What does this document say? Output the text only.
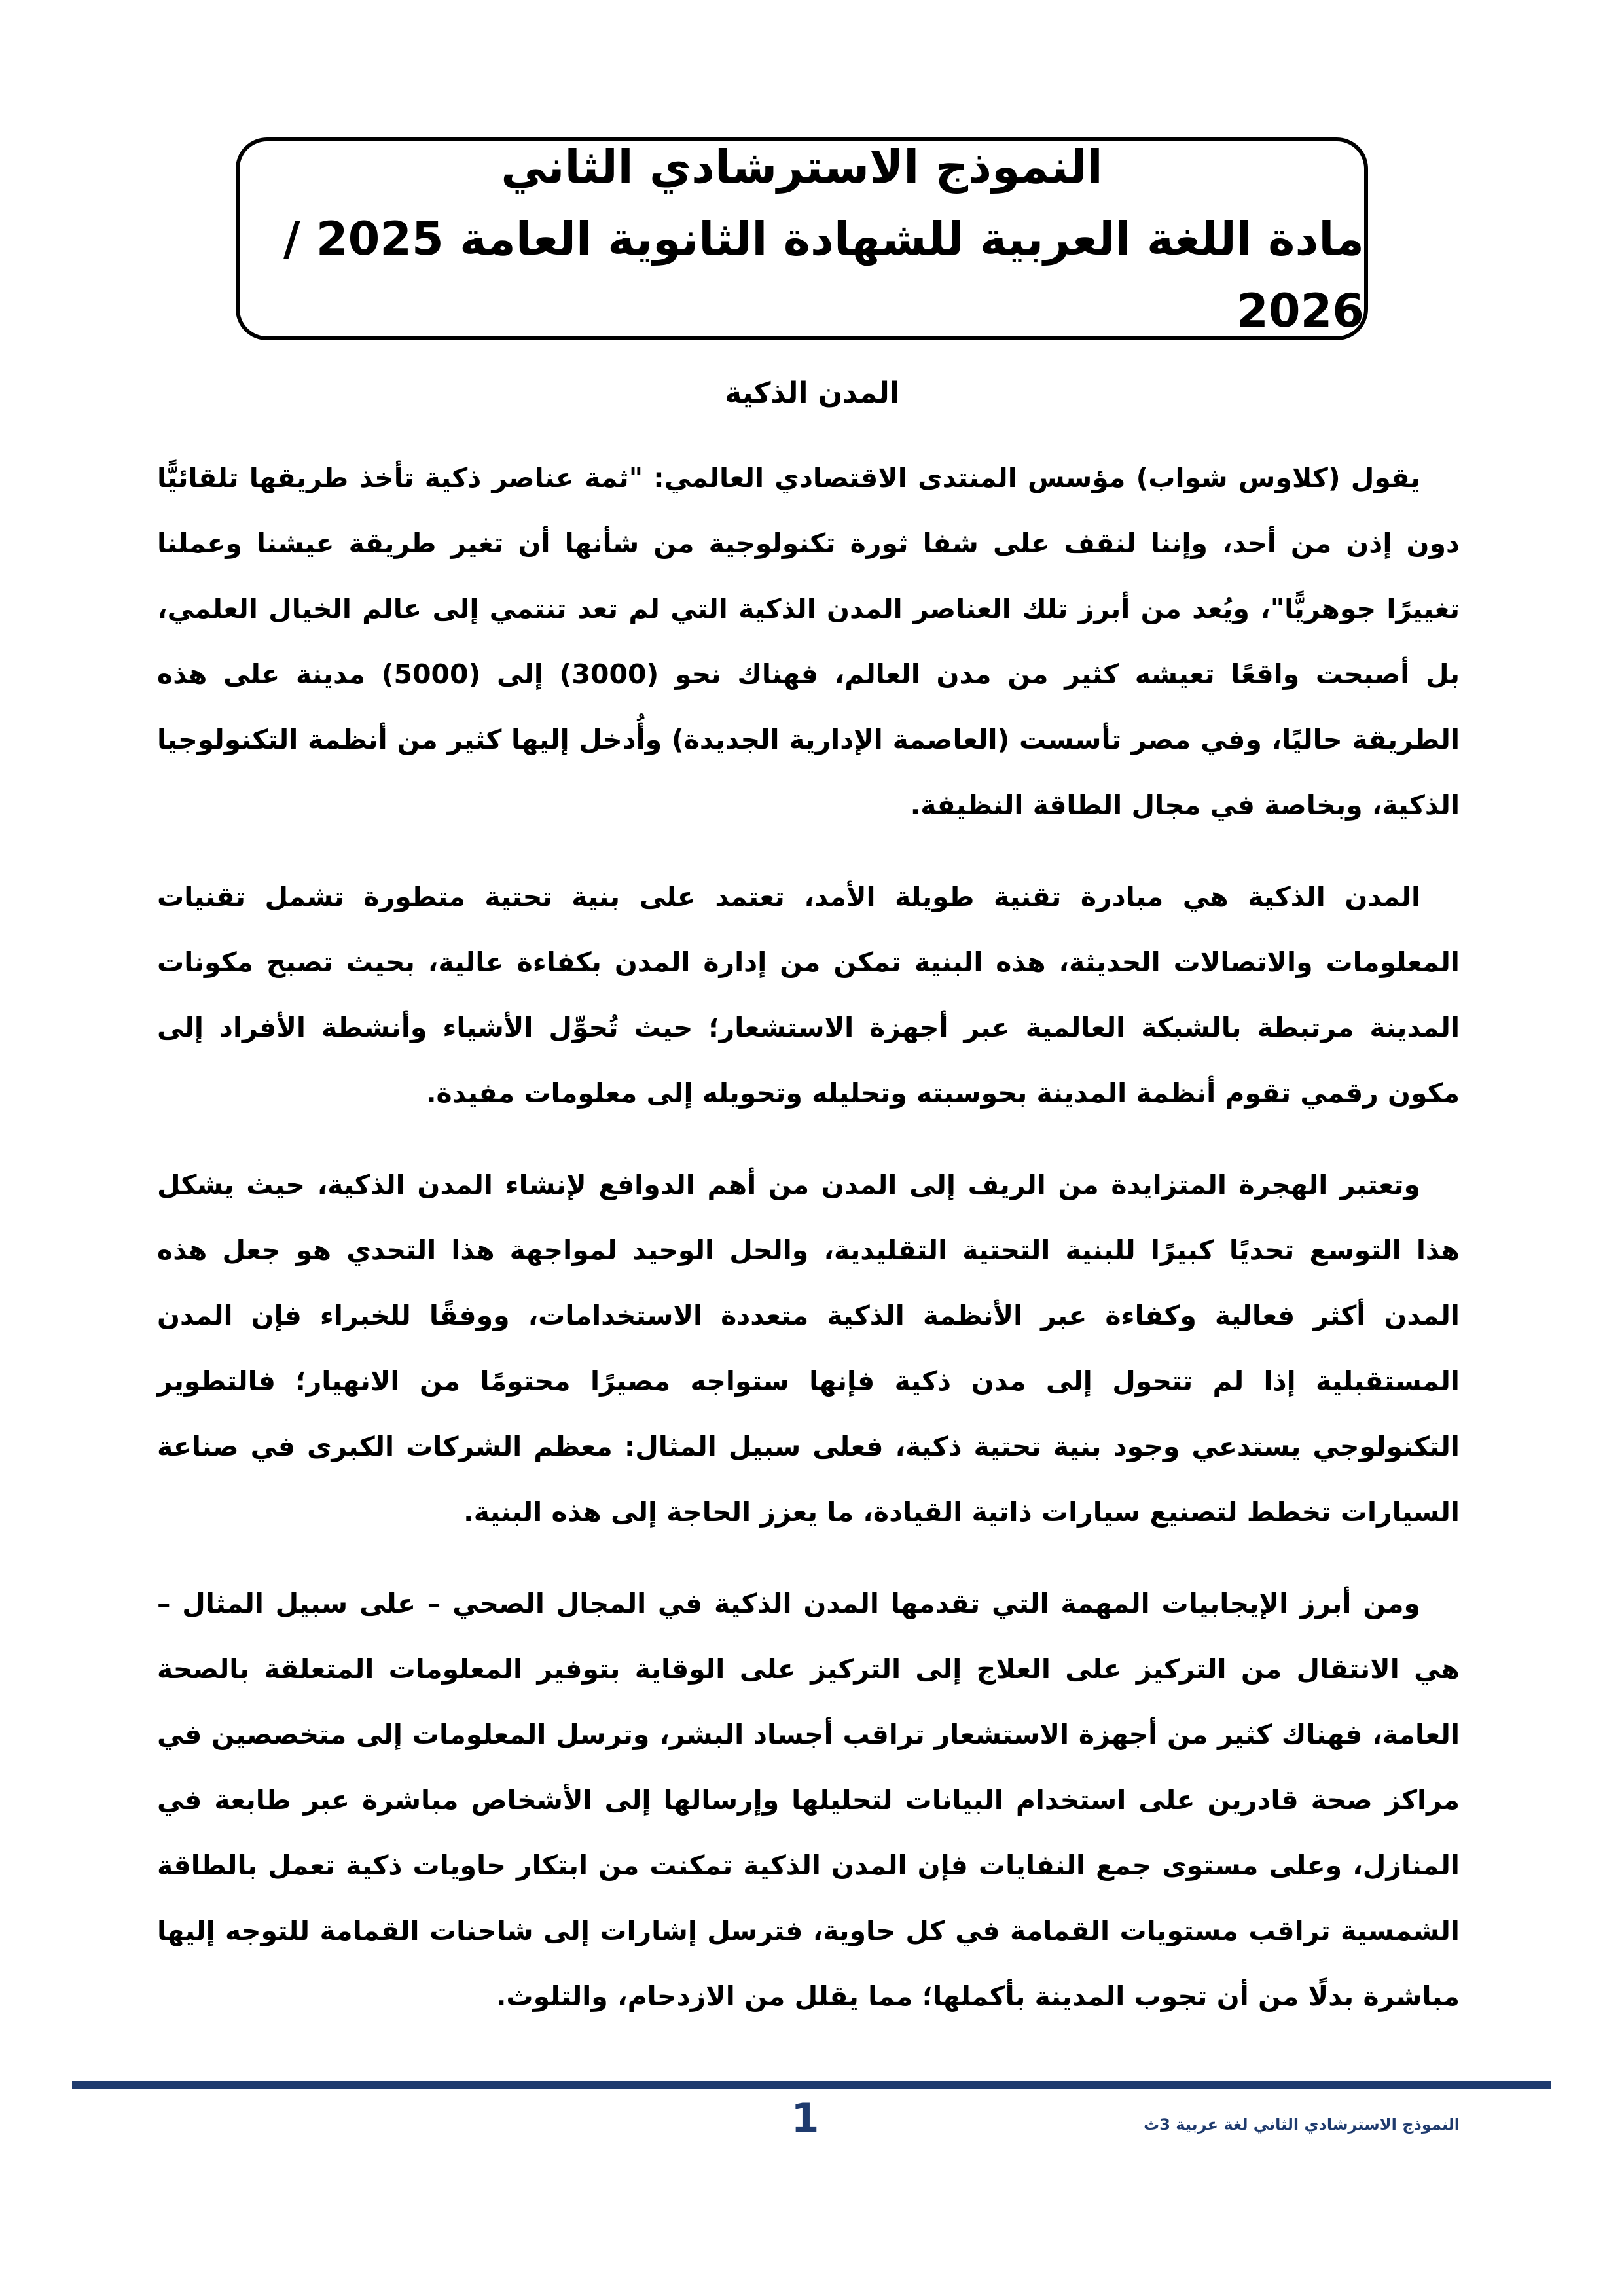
النموذج الاسترشادي الثاني
مادة اللغة العربية للشهادة الثانوية العامة 2025 / 2026
المدن الذكية

يقول (كلاوس شواب) مؤسس المنتدى الاقتصادي العالمي: "ثمة عناصر ذكية تأخذ طريقها تلقائيًّا دون إذن من أحد، وإننا لنقف على شفا ثورة تكنولوجية من شأنها أن تغير طريقة عيشنا وعملنا تغييرًا جوهريًّا"، ويُعد من أبرز تلك العناصر المدن الذكية التي لم تعد تنتمي إلى عالم الخيال العلمي، بل أصبحت واقعًا تعيشه كثير من مدن العالم، فهناك نحو (3000) إلى (5000) مدينة على هذه الطريقة حاليًا، وفي مصر تأسست (العاصمة الإدارية الجديدة) وأُدخل إليها كثير من أنظمة التكنولوجيا الذكية، وبخاصة في مجال الطاقة النظيفة.

المدن الذكية هي مبادرة تقنية طويلة الأمد، تعتمد على بنية تحتية متطورة تشمل تقنيات المعلومات والاتصالات الحديثة، هذه البنية تمكن من إدارة المدن بكفاءة عالية، بحيث تصبح مكونات المدينة مرتبطة بالشبكة العالمية عبر أجهزة الاستشعار؛ حيث تُحوِّل الأشياء وأنشطة الأفراد إلى مكون رقمي تقوم أنظمة المدينة بحوسبته وتحليله وتحويله إلى معلومات مفيدة.

وتعتبر الهجرة المتزايدة من الريف إلى المدن من أهم الدوافع لإنشاء المدن الذكية، حيث يشكل هذا التوسع تحديًا كبيرًا للبنية التحتية التقليدية، والحل الوحيد لمواجهة هذا التحدي هو جعل هذه المدن أكثر فعالية وكفاءة عبر الأنظمة الذكية متعددة الاستخدامات، ووفقًا للخبراء فإن المدن المستقبلية إذا لم تتحول إلى مدن ذكية فإنها ستواجه مصيرًا محتومًا من الانهيار؛ فالتطوير التكنولوجي يستدعي وجود بنية تحتية ذكية، فعلى سبيل المثال: معظم الشركات الكبرى في صناعة السيارات تخطط لتصنيع سيارات ذاتية القيادة، ما يعزز الحاجة إلى هذه البنية.

ومن أبرز الإيجابيات المهمة التي تقدمها المدن الذكية في المجال الصحي – على سبيل المثال – هي الانتقال من التركيز على العلاج إلى التركيز على الوقاية بتوفير المعلومات المتعلقة بالصحة العامة، فهناك كثير من أجهزة الاستشعار تراقب أجساد البشر، وترسل المعلومات إلى متخصصين في مراكز صحة قادرين على استخدام البيانات لتحليلها وإرسالها إلى الأشخاص مباشرة عبر طابعة في المنازل، وعلى مستوى جمع النفايات فإن المدن الذكية تمكنت من ابتكار حاويات ذكية تعمل بالطاقة الشمسية تراقب مستويات القمامة في كل حاوية، فترسل إشارات إلى شاحنات القمامة للتوجه إليها مباشرة بدلًا من أن تجوب المدينة بأكملها؛ مما يقلل من الازدحام، والتلوث.

1	النموذج الاسترشادي الثاني لغة عربية 3ث
